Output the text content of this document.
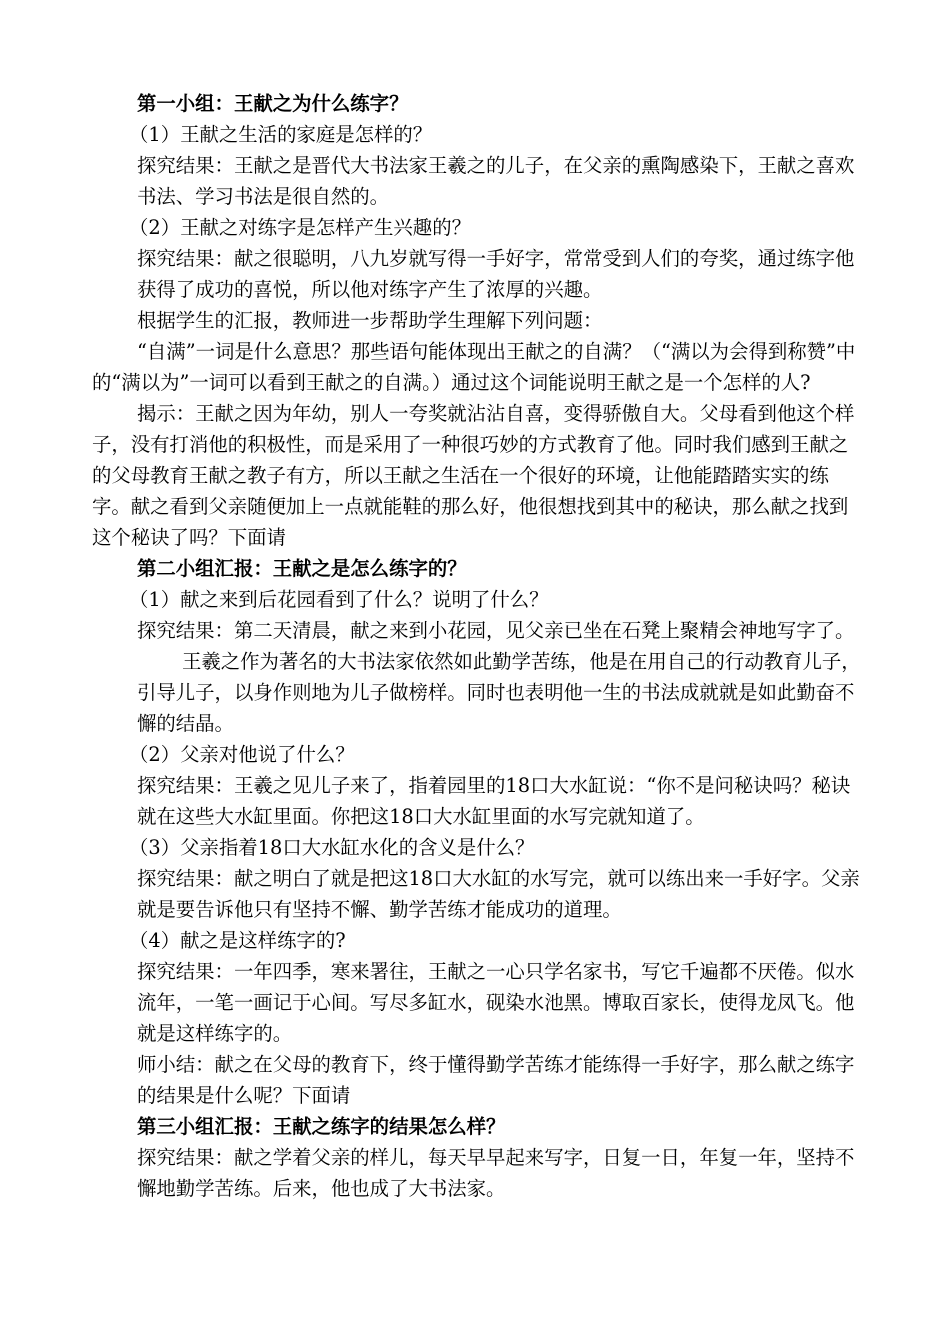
第一小组：王献之为什么练字？

（1）王献之生活的家庭是怎样的？

探究结果：王献之是晋代大书法家王羲之的儿子，在父亲的熏陶感染下，王献之喜欢书法、学习书法是很自然的。

（2）王献之对练字是怎样产生兴趣的？

探究结果：献之很聪明，八九岁就写得一手好字，常常受到人们的夸奖，通过练字他获得了成功的喜悦，所以他对练字产生了浓厚的兴趣。

根据学生的汇报，教师进一步帮助学生理解下列问题：

“自满”一词是什么意思？那些语句能体现出王献之的自满？（“满以为会得到称赞”中的“满以为”一词可以看到王献之的自满。）通过这个词能说明王献之是一个怎样的人?

揭示：王献之因为年幼，别人一夸奖就沾沾自喜，变得骄傲自大。父母看到他这个样子，没有打消他的积极性，而是采用了一种很巧妙的方式教育了他。同时我们感到王献之的父母教育王献之教子有方，所以王献之生活在一个很好的环境，让他能踏踏实实的练字。献之看到父亲随便加上一点就能鞋的那么好，他很想找到其中的秘诀，那么献之找到这个秘诀了吗？下面请

第二小组汇报：王献之是怎么练字的？

（1）献之来到后花园看到了什么？说明了什么？

探究结果：第二天清晨，献之来到小花园，见父亲已坐在石凳上聚精会神地写字了。

王羲之作为著名的大书法家依然如此勤学苦练，他是在用自己的行动教育儿子，引导儿子，以身作则地为儿子做榜样。同时也表明他一生的书法成就就是如此勤奋不懈的结晶。

（2）父亲对他说了什么？

探究结果：王羲之见儿子来了，指着园里的18口大水缸说：“你不是问秘诀吗？秘诀就在这些大水缸里面。你把这18口大水缸里面的水写完就知道了。

（3）父亲指着18口大水缸水化的含义是什么？

探究结果：献之明白了就是把这18口大水缸的水写完，就可以练出来一手好字。父亲就是要告诉他只有坚持不懈、勤学苦练才能成功的道理。

（4）献之是这样练字的?

探究结果：一年四季，寒来署往，王献之一心只学名家书，写它千遍都不厌倦。似水流年，一笔一画记于心间。写尽多缸水，砚染水池黑。博取百家长，使得龙凤飞。他就是这样练字的。

师小结：献之在父母的教育下，终于懂得勤学苦练才能练得一手好字，那么献之练字的结果是什么呢？下面请

第三小组汇报：王献之练字的结果怎么样？

探究结果：献之学着父亲的样儿，每天早早起来写字，日复一日，年复一年，坚持不懈地勤学苦练。后来，他也成了大书法家。
